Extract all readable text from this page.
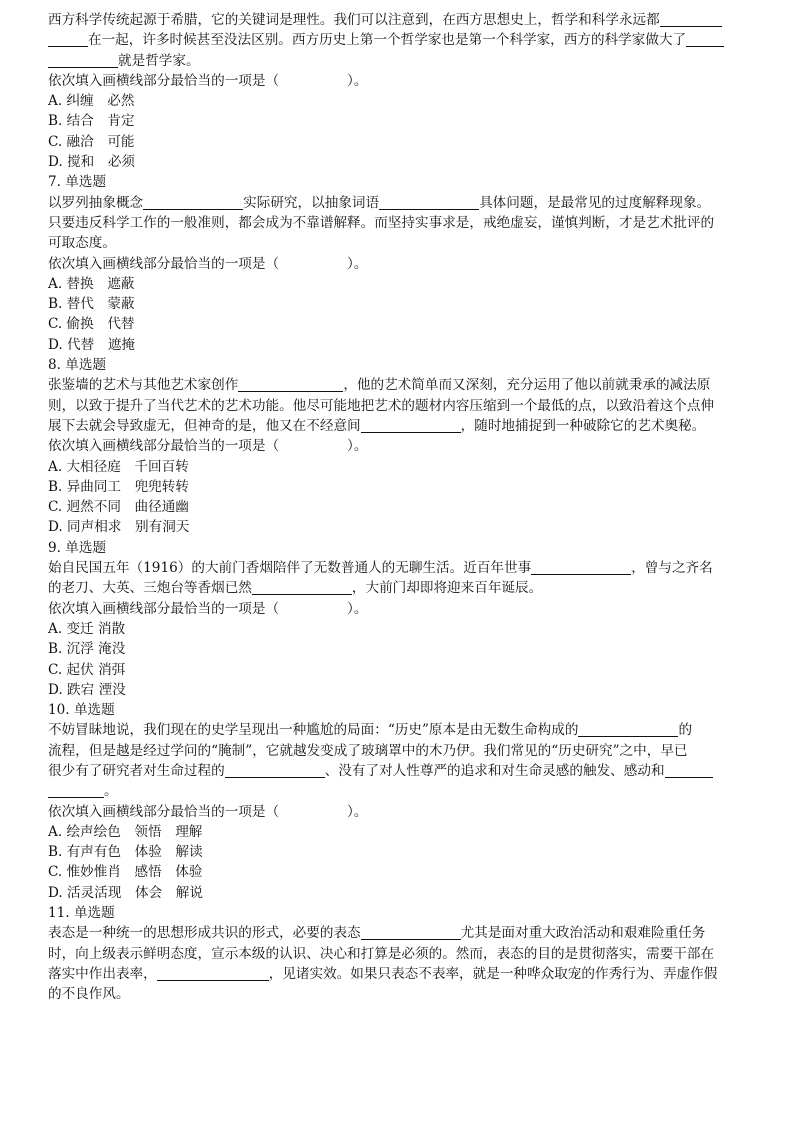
西方科学传统起源于希腊，它的关键词是理性。我们可以注意到，在西方思想史上，哲学和科学永远都
在一起，许多时候甚至没法区别。西方历史上第一个哲学家也是第一个科学家，西方的科学家做大了
就是哲学家。
依次填入画横线部分最恰当的一项是（　　　　　）。
A. 纠缠　必然
B. 结合　肯定
C. 融洽　可能
D. 搅和　必须
7. 单选题
以罗列抽象概念	实际研究，以抽象词语	具体问题，是最常见的过度解释现象。
只要违反科学工作的一般准则，都会成为不靠谱解释。而坚持实事求是，戒绝虚妄，谨慎判断，才是艺术批评的
可取态度。
依次填入画横线部分最恰当的一项是（　　　　　）。
A. 替换　遮蔽
B. 替代　蒙蔽
C. 偷换　代替
D. 代替　遮掩
8. 单选题
张鉴墙的艺术与其他艺术家创作	，他的艺术简单而又深刻，充分运用了他以前就秉承的减法原
则，以致于提升了当代艺术的艺术功能。他尽可能地把艺术的题材内容压缩到一个最低的点，以致沿着这个点伸
展下去就会导致虚无，但神奇的是，他又在不经意间	，随时地捕捉到一种破除它的艺术奥秘。
依次填入画横线部分最恰当的一项是（　　　　　）。
A. 大相径庭　千回百转
B. 异曲同工　兜兜转转
C. 迥然不同　曲径通幽
D. 同声相求　别有洞天
9. 单选题
始自民国五年（1916）的大前门香烟陪伴了无数普通人的无聊生活。近百年世事	，曾与之齐名
的老刀、大英、三炮台等香烟已然	，大前门却即将迎来百年诞辰。
依次填入画横线部分最恰当的一项是（　　　　　）。
A. 变迁 消散
B. 沉浮 淹没
C. 起伏 消弭
D. 跌宕 湮没
10. 单选题
不妨冒昧地说，我们现在的史学呈现出一种尴尬的局面：“历史”原本是由无数生命构成的	的
流程，但是越是经过学问的“腌制”，它就越发变成了玻璃罩中的木乃伊。我们常见的“历史研究”之中，早已
很少有了研究者对生命过程的	、没有了对人性尊严的追求和对生命灵感的触发、感动和
。
依次填入画横线部分最恰当的一项是（　　　　　）。
A. 绘声绘色　领悟　理解
B. 有声有色　体验　解读
C. 惟妙惟肖　感悟　体验
D. 活灵活现　体会　解说
11. 单选题
表态是一种统一的思想形成共识的形式，必要的表态	尤其是面对重大政治活动和艰难险重任务
时，向上级表示鲜明态度，宣示本级的认识、决心和打算是必须的。然而，表态的目的是贯彻落实，需要干部在
落实中作出表率，	，见诸实效。如果只表态不表率，就是一种哗众取宠的作秀行为、弄虚作假
的不良作风。
